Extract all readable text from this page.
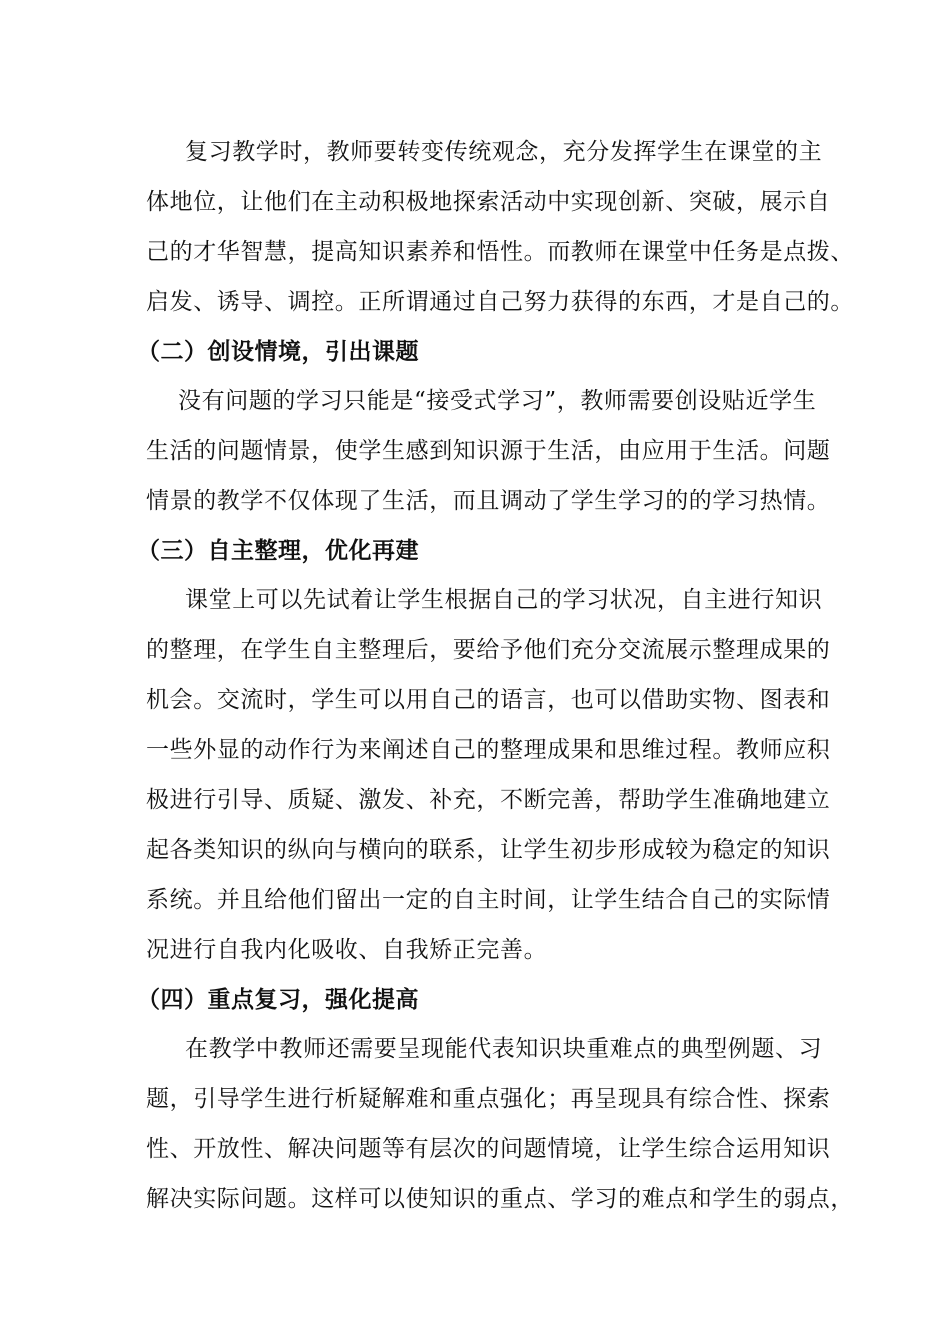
复习教学时，教师要转变传统观念，充分发挥学生在课堂的主
体地位，让他们在主动积极地探索活动中实现创新、突破，展示自
己的才华智慧，提高知识素养和悟性。而教师在课堂中任务是点拨、
启发、诱导、调控。正所谓通过自己努力获得的东西，才是自己的。
（二）创设情境，引出课题
没有问题的学习只能是“接受式学习”，教师需要创设贴近学生
生活的问题情景，使学生感到知识源于生活，由应用于生活。问题
情景的教学不仅体现了生活，而且调动了学生学习的的学习热情。
（三）自主整理，优化再建
课堂上可以先试着让学生根据自己的学习状况，自主进行知识
的整理，在学生自主整理后，要给予他们充分交流展示整理成果的
机会。交流时，学生可以用自己的语言，也可以借助实物、图表和
一些外显的动作行为来阐述自己的整理成果和思维过程。教师应积
极进行引导、质疑、激发、补充，不断完善，帮助学生准确地建立
起各类知识的纵向与横向的联系，让学生初步形成较为稳定的知识
系统。并且给他们留出一定的自主时间，让学生结合自己的实际情
况进行自我内化吸收、自我矫正完善。
（四）重点复习，强化提高
在教学中教师还需要呈现能代表知识块重难点的典型例题、习
题，引导学生进行析疑解难和重点强化；再呈现具有综合性、探索
性、开放性、解决问题等有层次的问题情境，让学生综合运用知识
解决实际问题。这样可以使知识的重点、学习的难点和学生的弱点，
